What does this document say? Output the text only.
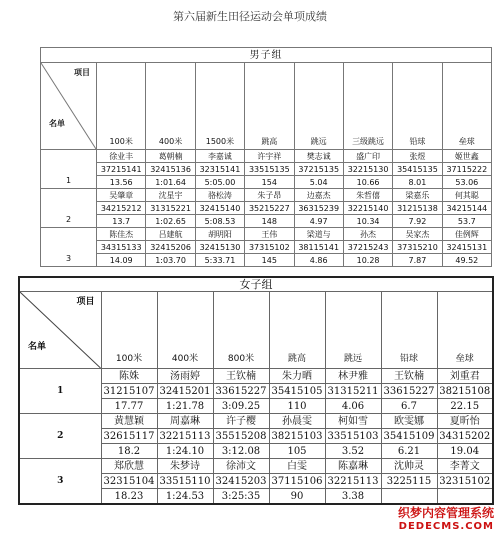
第六届新生田径运动会单项成绩
男子组								

项目
名单	100米	400米	1500米	跳高	跳远	三级跳远	铅球	垒球
1	徐业丰	葛朝楠	李嘉诚	许宇祥	樊志诚	盛广印	张煜	姬世鑫
	37215141	32415136	32315141	33515135	37215135	32215130	35415135	37115222
	13.56	1:01.64	5:05.00	154	5.04	10.66	8.01	53.06
2	吴肇章	沈星宇	骆松涛	朱子昂	边嘉杰	朱哲僖	梁嘉乐	何其聪
	34215212	31315221	32415140	35215227	36315239	32215140	31215138	34215144
	13.7	1:02.65	5:08.53	148	4.97	10.34	7.92	53.7
3	陈佳杰	吕建航	胡明阳	王伟	梁道与	孙杰	吴家杰	佳例辉
	34315133	32415206	32415130	37315102	38115141	37215243	37315210	32415131
	14.09	1:03.70	5:33.71	145	4.86	10.28	7.87	49.52
女子组							

项目
名单	100米	400米	800米	跳高	跳远	铅球	垒球
1	陈姝	汤雨婷	王钦楠	朱力晒	林尹雅	王钦楠	刘重君
	31215107	32415201	33615227	35415105	31315211	33615227	38215108
	17.77	1:21.78	3:09.25	110	4.06	6.7	22.15
2	黄慧颖	周嘉琳	许子樱	孙晨雯	柯如雪	欧雯娜	夏昕怡
	32615117	32215113	35515208	38215103	33515103	35415109	34315202
	18.2	1:24.10	3:12.08	105	3.52	6.21	19.04
3	郑欣慧	朱梦诗	徐沛文	白雯	陈嘉琳	沈帅灵	李菁文
	32315104	33515110	32415203	37115106	32215113	3225115	32315102
	18.23	1:24.53	3:25:35	90	3.38		
织梦内容管理系统
DEDECMS.COM
